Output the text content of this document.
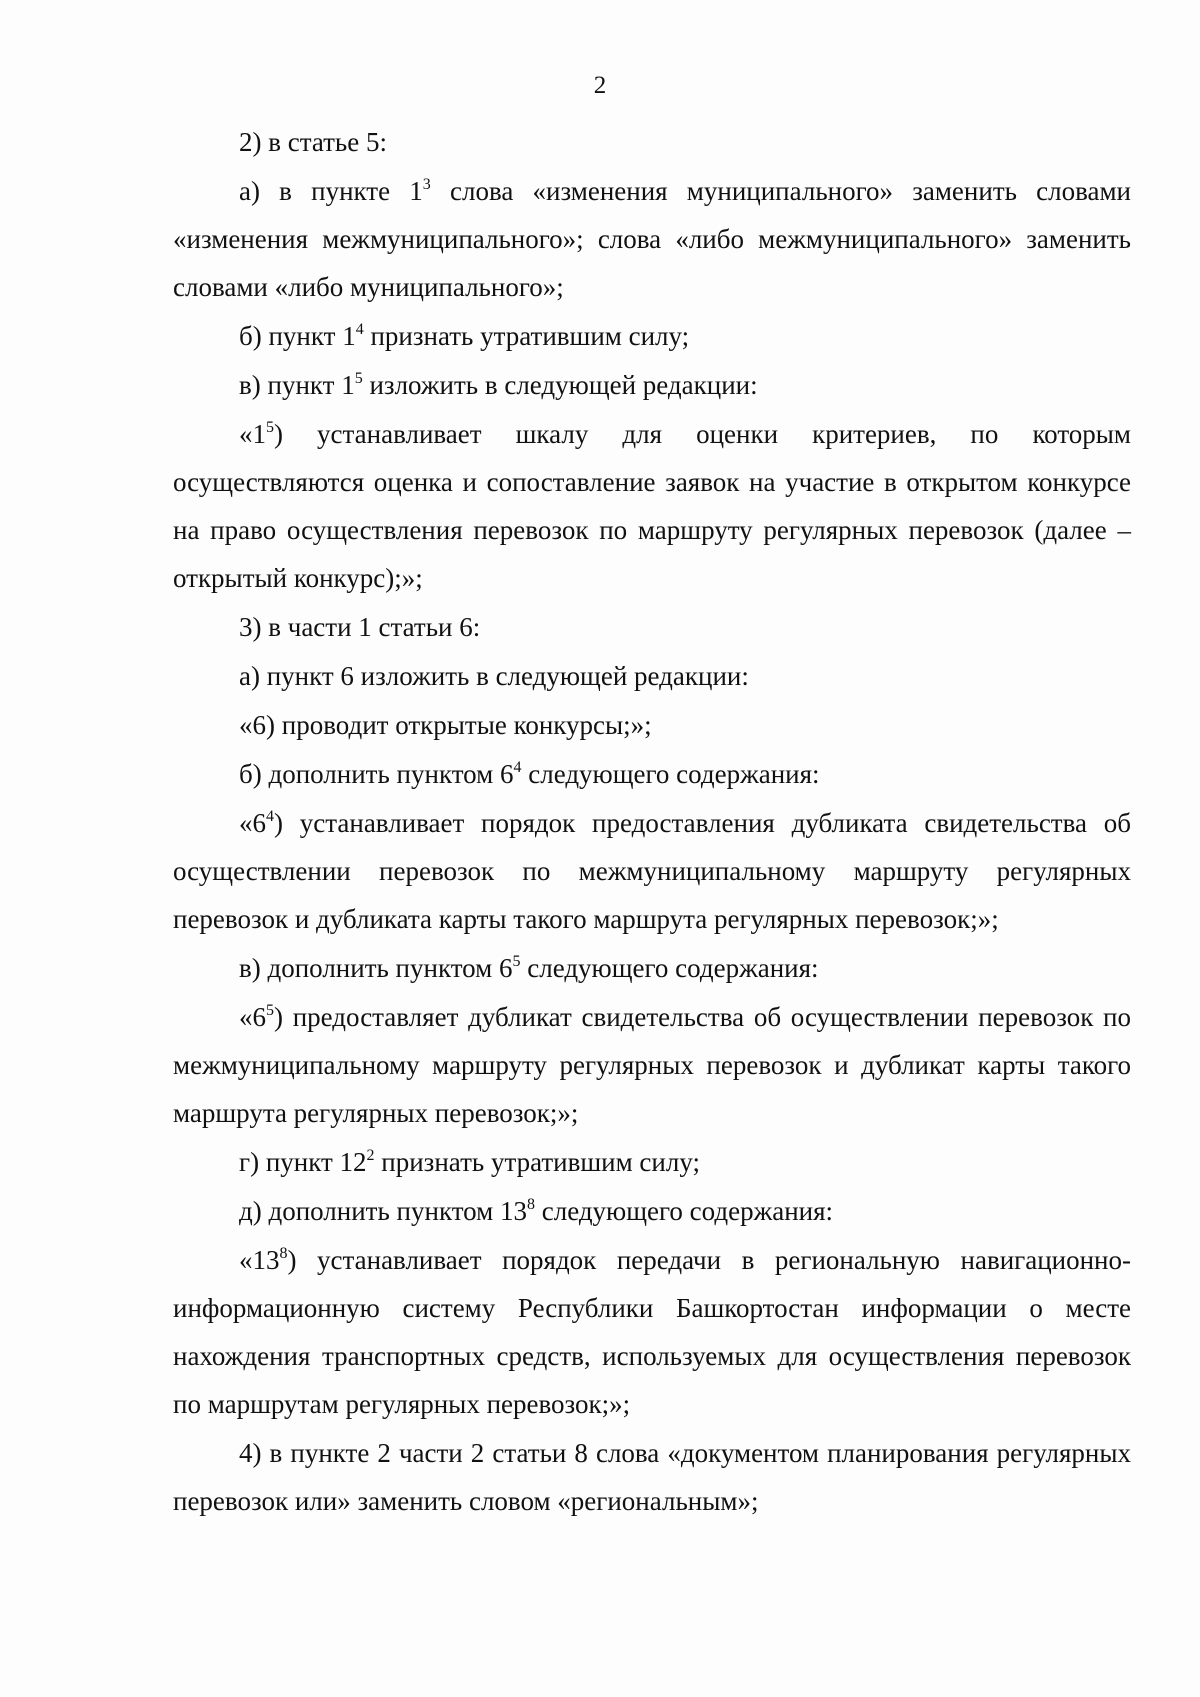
2

2) в статье 5:

а) в пункте $1^3$ слова «изменения муниципального» заменить словами «изменения межмуниципального»; слова «либо межмуниципального» заменить словами «либо муниципального»;

б) пункт $1^4$ признать утратившим силу;

в) пункт $1^5$ изложить в следующей редакции:

«$1^5$) устанавливает шкалу для оценки критериев, по которым осуществляются оценка и сопоставление заявок на участие в открытом конкурсе на право осуществления перевозок по маршруту регулярных перевозок (далее – открытый конкурс);»;

3) в части 1 статьи 6:

а) пункт 6 изложить в следующей редакции:

«6) проводит открытые конкурсы;»;

б) дополнить пунктом $6^4$ следующего содержания:

«$6^4$) устанавливает порядок предоставления дубликата свидетельства об осуществлении перевозок по межмуниципальному маршруту регулярных перевозок и дубликата карты такого маршрута регулярных перевозок;»;

в) дополнить пунктом $6^5$ следующего содержания:

«$6^5$) предоставляет дубликат свидетельства об осуществлении перевозок по межмуниципальному маршруту регулярных перевозок и дубликат карты такого маршрута регулярных перевозок;»;

г) пункт $12^2$ признать утратившим силу;

д) дополнить пунктом $13^8$ следующего содержания:

«$13^8$) устанавливает порядок передачи в региональную навигационно-информационную систему Республики Башкортостан информации о месте нахождения транспортных средств, используемых для осуществления перевозок по маршрутам регулярных перевозок;»;

4) в пункте 2 части 2 статьи 8 слова «документом планирования регулярных перевозок или» заменить словом «региональным»;
